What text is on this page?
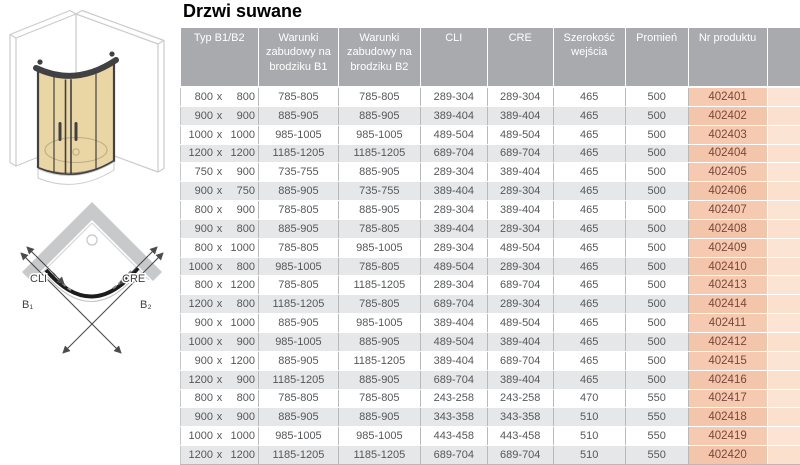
CLI	CRE
B₁	B₂
Drzwi suwane
Typ B1/B2	Warunki zabudowy na brodziku B1	Warunki zabudowy na brodziku B2	CLI	CRE	Szerokość wejścia	Promień	Nr produktu	
800 x 800	785-805	785-805	289-304	289-304	465	500	402401	
900 x 900	885-905	885-905	389-404	389-404	465	500	402402	
1000 x 1000	985-1005	985-1005	489-504	489-504	465	500	402403	
1200 x 1200	1185-1205	1185-1205	689-704	689-704	465	500	402404	
750 x 900	735-755	885-905	289-304	389-404	465	500	402405	
900 x 750	885-905	735-755	389-404	289-304	465	500	402406	
800 x 900	785-805	885-905	289-304	389-404	465	500	402407	
900 x 800	885-905	785-805	389-404	289-304	465	500	402408	
800 x 1000	785-805	985-1005	289-304	489-504	465	500	402409	
1000 x 800	985-1005	785-805	489-504	289-304	465	500	402410	
800 x 1200	785-805	1185-1205	289-304	689-704	465	500	402413	
1200 x 800	1185-1205	785-805	689-704	289-304	465	500	402414	
900 x 1000	885-905	985-1005	389-404	489-504	465	500	402411	
1000 x 900	985-1005	885-905	489-504	389-404	465	500	402412	
900 x 1200	885-905	1185-1205	389-404	689-704	465	500	402415	
1200 x 900	1185-1205	885-905	689-704	389-404	465	500	402416	
800 x 800	785-805	785-805	243-258	243-258	470	550	402417	
900 x 900	885-905	885-905	343-358	343-358	510	550	402418	
1000 x 1000	985-1005	985-1005	443-458	443-458	510	550	402419	
1200 x 1200	1185-1205	1185-1205	689-704	689-704	510	550	402420	
